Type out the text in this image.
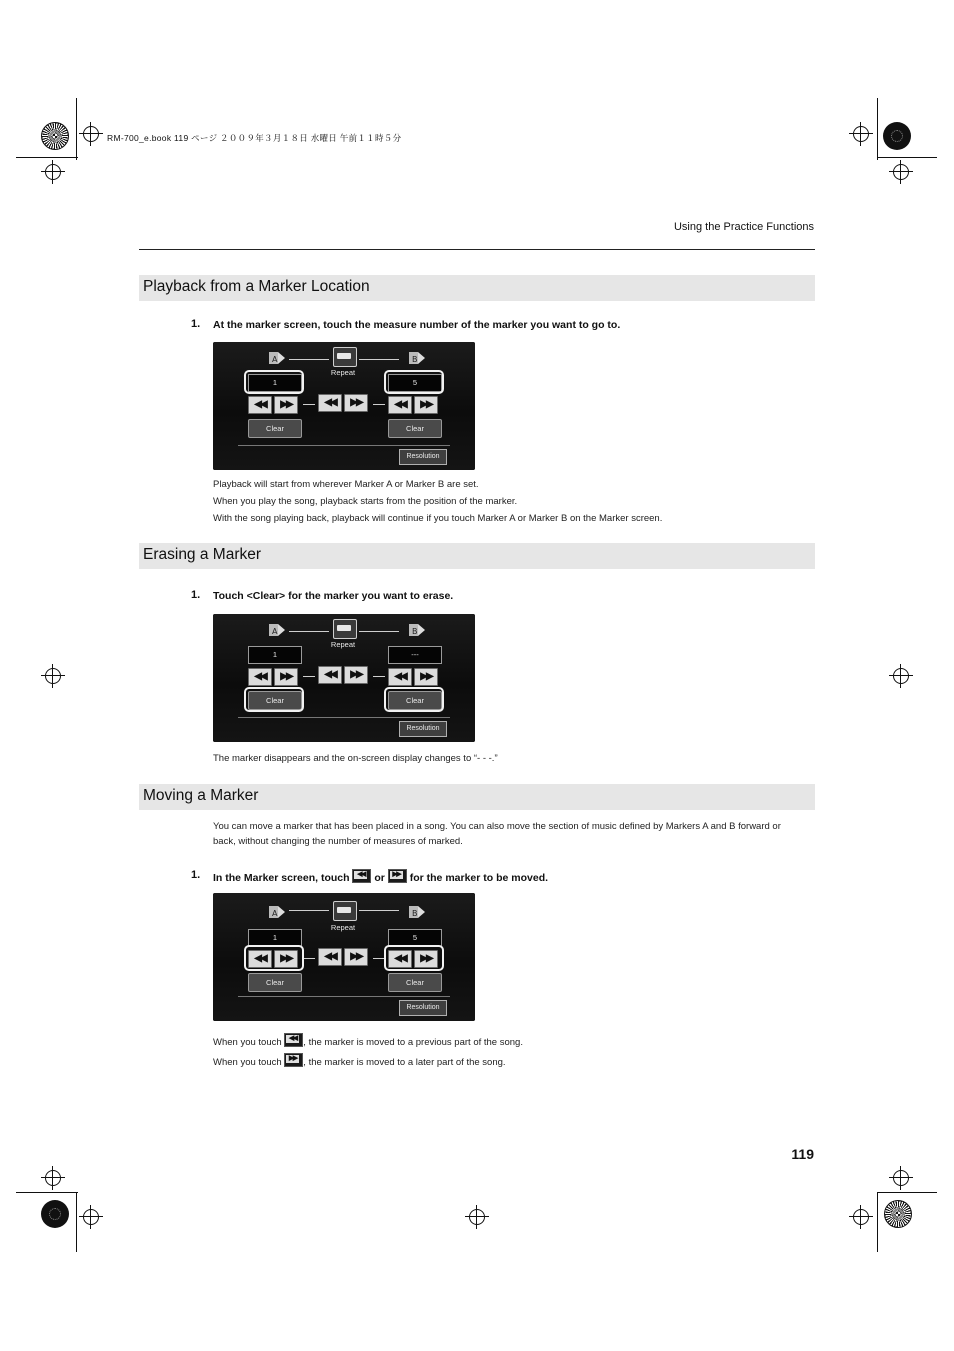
RM-700_e.book 119 ページ ２００９年３月１８日 水曜日 午前１１時５分
Using the Practice Functions
Playback from a Marker Location
1. At the marker screen, touch the measure number of the marker you want to go to.
A	B
Repeat
1	5
◀◀	▶▶	◀◀	▶▶	◀◀	▶▶
Clear	Clear
Resolution
Playback will start from wherever Marker A or Marker B are set.
When you play the song, playback starts from the position of the marker.
With the song playing back, playback will continue if you touch Marker A or Marker B on the Marker screen.
Erasing a Marker
1. Touch <Clear> for the marker you want to erase.
A	B
Repeat
1	---
◀◀	▶▶	◀◀	▶▶	◀◀	▶▶
Clear	Clear
Resolution
The marker disappears and the on-screen display changes to “- - -.”
Moving a Marker
You can move a marker that has been placed in a song. You can also move the section of music defined by Markers A and B forward or back, without changing the number of measures of marked.
1. In the Marker screen, touch ◀◀ or ▶▶ for the marker to be moved.
A	B
Repeat
1	5
◀◀	▶▶	◀◀	▶▶	◀◀	▶▶
Clear	Clear
Resolution
When you touch ◀◀ , the marker is moved to a previous part of the song.
When you touch ▶▶ , the marker is moved to a later part of the song.
119
